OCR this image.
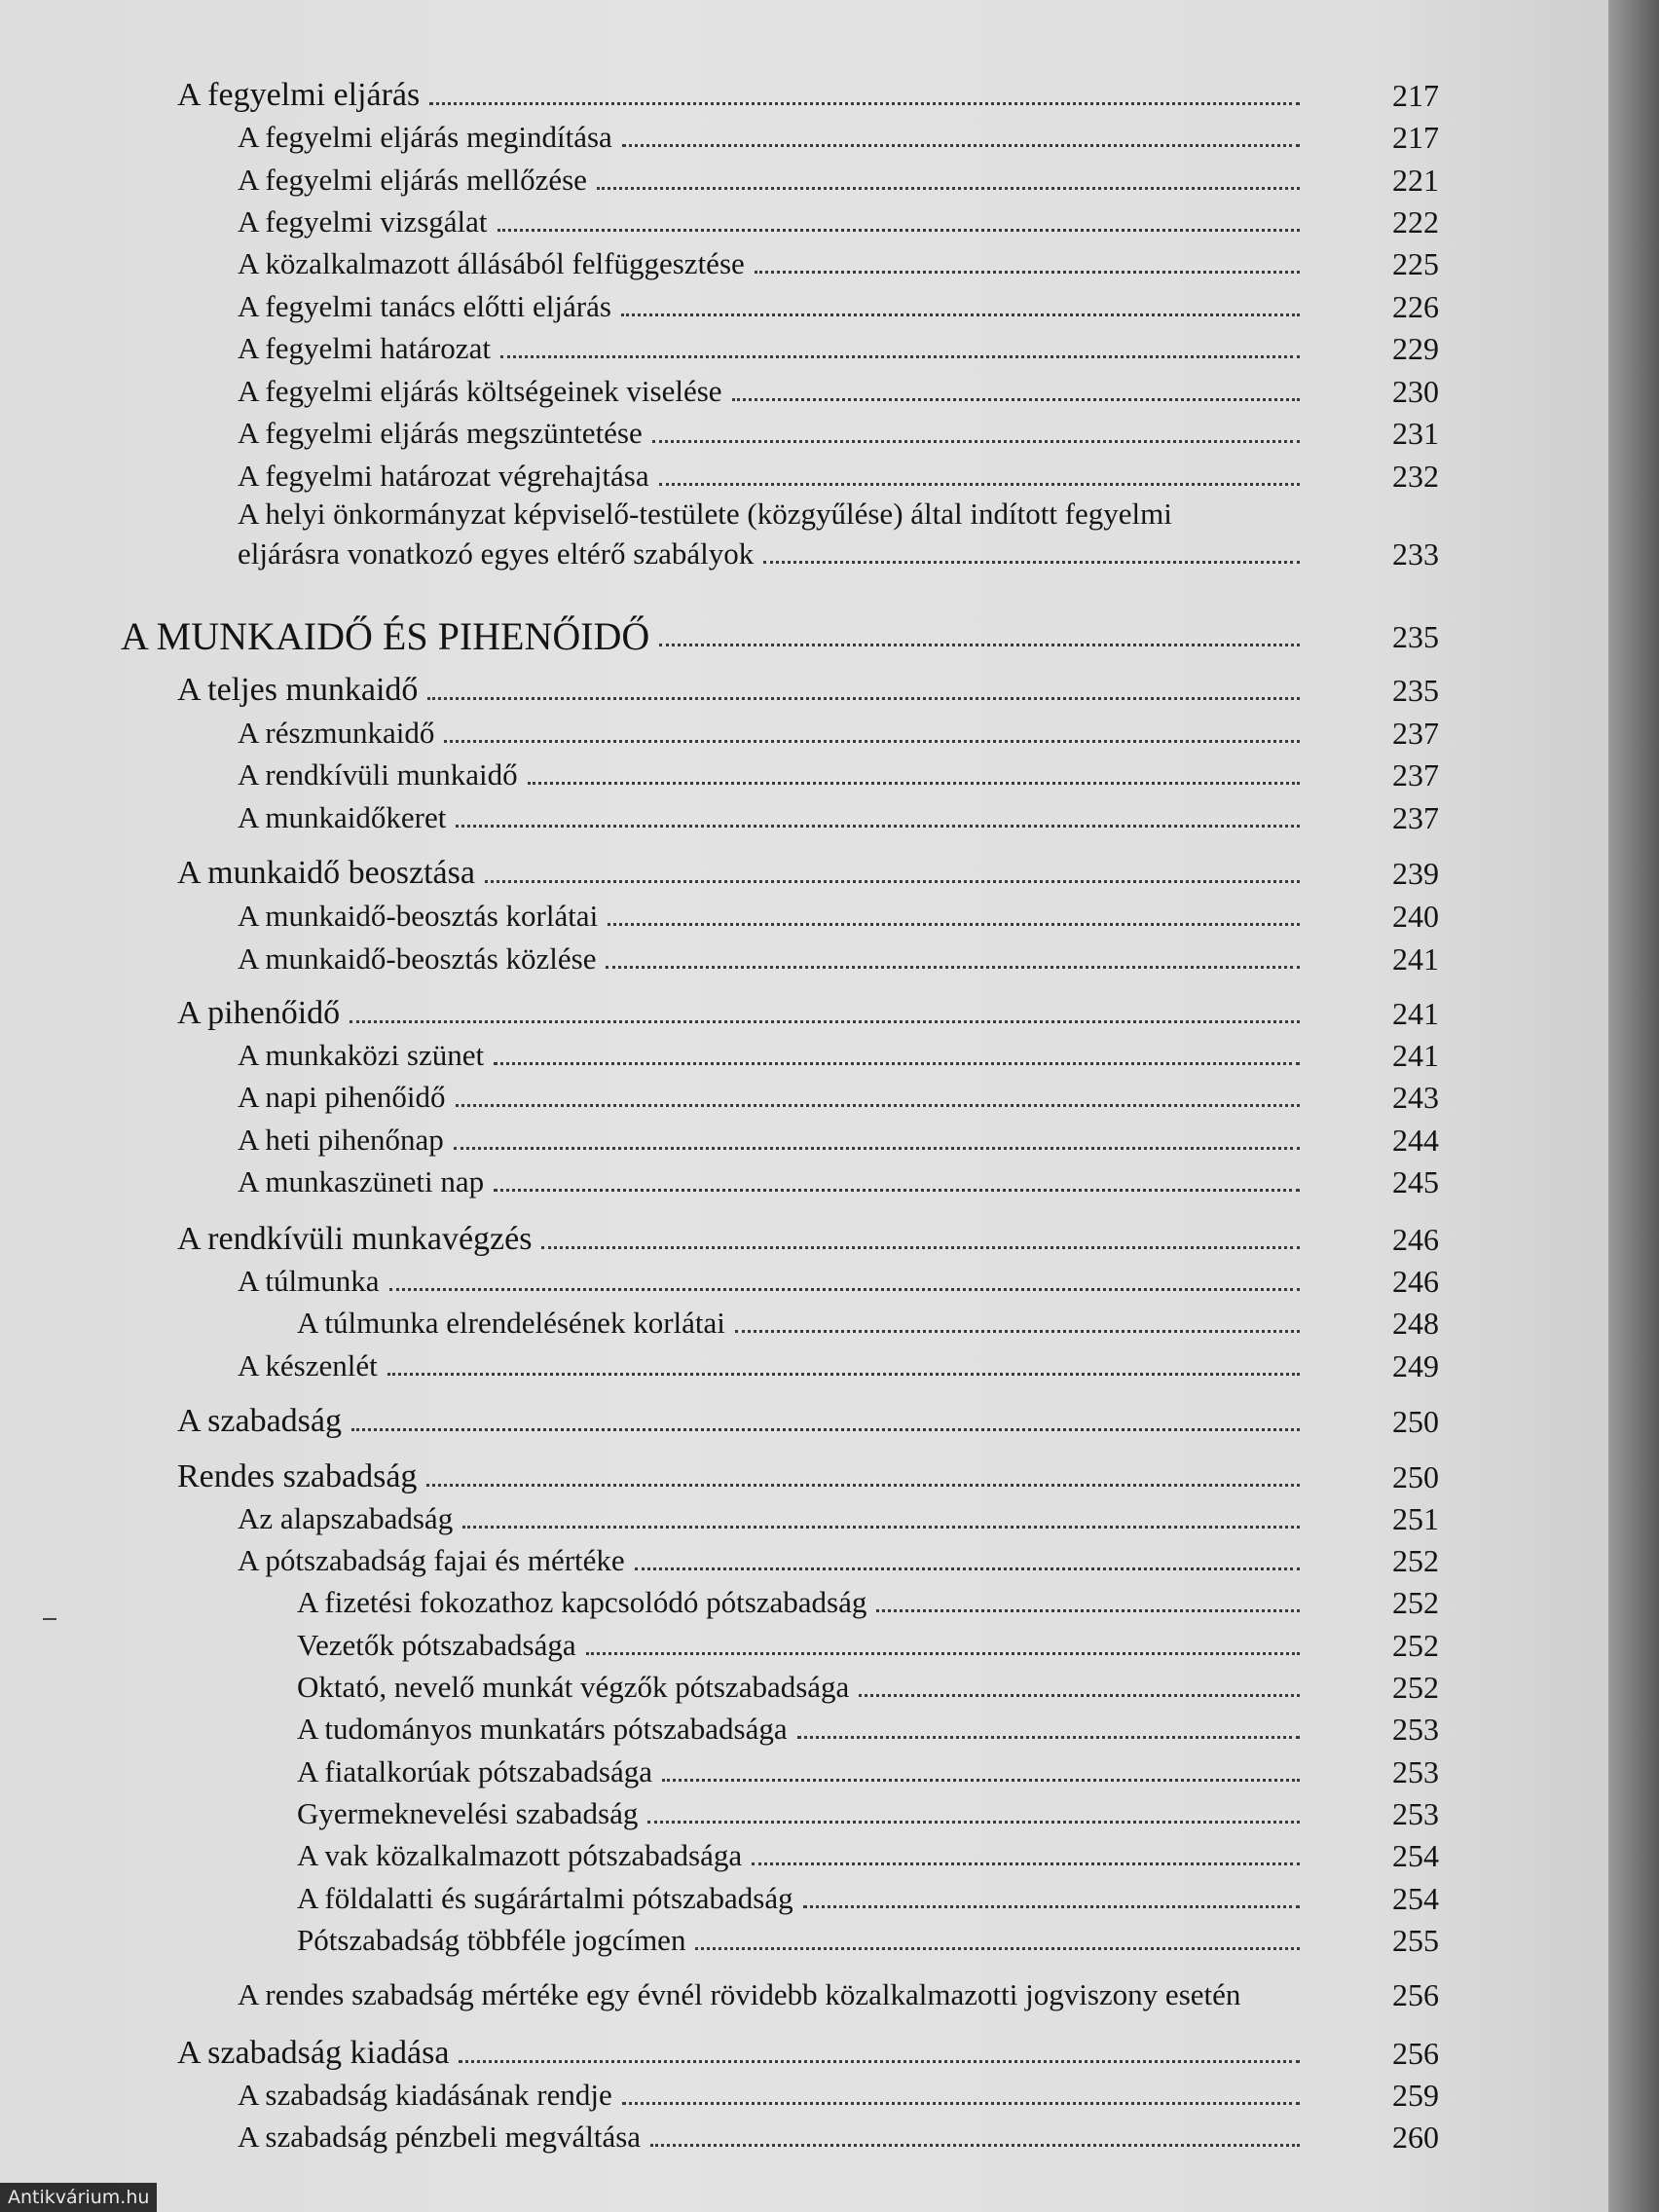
A fegyelmi eljárás	217
A fegyelmi eljárás megindítása	217
A fegyelmi eljárás mellőzése	221
A fegyelmi vizsgálat	222
A közalkalmazott állásából felfüggesztése	225
A fegyelmi tanács előtti eljárás	226
A fegyelmi határozat	229
A fegyelmi eljárás költségeinek viselése	230
A fegyelmi eljárás megszüntetése	231
A fegyelmi határozat végrehajtása	232
A helyi önkormányzat képviselő-testülete (közgyűlése) által indított fegyelmi
eljárásra vonatkozó egyes eltérő szabályok	233
A MUNKAIDŐ ÉS PIHENŐIDŐ	235
A teljes munkaidő	235
A részmunkaidő	237
A rendkívüli munkaidő	237
A munkaidőkeret	237
A munkaidő beosztása	239
A munkaidő-beosztás korlátai	240
A munkaidő-beosztás közlése	241
A pihenőidő	241
A munkaközi szünet	241
A napi pihenőidő	243
A heti pihenőnap	244
A munkaszüneti nap	245
A rendkívüli munkavégzés	246
A túlmunka	246
A túlmunka elrendelésének korlátai	248
A készenlét	249
A szabadság	250
Rendes szabadság	250
Az alapszabadság	251
A pótszabadság fajai és mértéke	252
A fizetési fokozathoz kapcsolódó pótszabadság	252
Vezetők pótszabadsága	252
Oktató, nevelő munkát végzők pótszabadsága	252
A tudományos munkatárs pótszabadsága	253
A fiatalkorúak pótszabadsága	253
Gyermeknevelési szabadság	253
A vak közalkalmazott pótszabadsága	254
A földalatti és sugárártalmi pótszabadság	254
Pótszabadság többféle jogcímen	255
A rendes szabadság mértéke egy évnél rövidebb közalkalmazotti jogviszony esetén	256
A szabadság kiadása	256
A szabadság kiadásának rendje	259
A szabadság pénzbeli megváltása	260
Antikvárium.hu
